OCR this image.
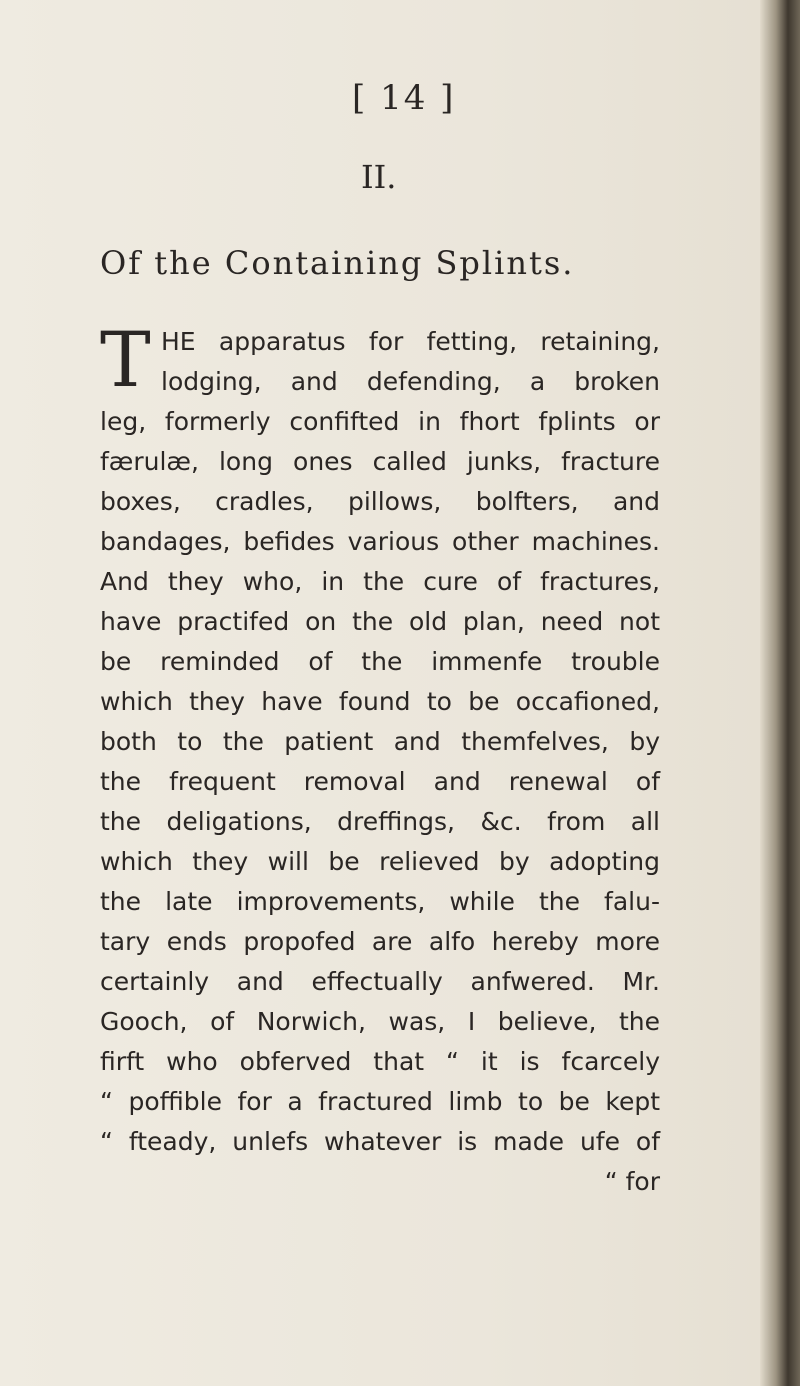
[ 14 ]
II.
Of the Containing Splints.
T HE apparatus for fetting, retaining,
lodging, and defending, a broken
leg, formerly confifted in fhort fplints or
færulæ, long ones called junks, fracture
boxes, cradles, pillows, bolfters, and
bandages, befides various other machines.
And they who, in the cure of fractures,
have practifed on the old plan, need not
be reminded of the immenfe trouble
which they have found to be occafioned,
both to the patient and themfelves, by
the frequent removal and renewal of
the deligations, dreffings, &c. from all
which they will be relieved by adopting
the late improvements, while the falu-
tary ends propofed are alfo hereby more
certainly and effectually anfwered. Mr.
Gooch, of Norwich, was, I believe, the
firft who obferved that “ it is fcarcely
“ poffible for a fractured limb to be kept
“ fteady, unlefs whatever is made ufe of
“ for
